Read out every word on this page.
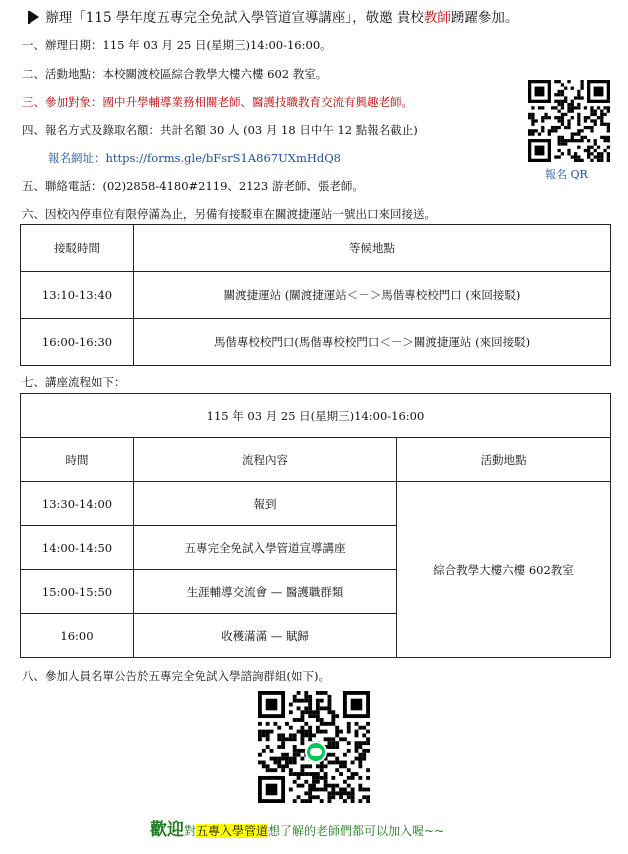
辦理「115 學年度五專完全免試入學管道宣導講座」，敬邀 貴校教師踴躍參加。
一、辦理日期：115 年 03 月 25 日(星期三)14:00-16:00。
二、活動地點：本校關渡校區綜合教學大樓六樓 602 教室。
三、參加對象：國中升學輔導業務相關老師、醫護技職教育交流有興趣老師。
四、報名方式及錄取名額：共計名額 30 人 (03 月 18 日中午 12 點報名截止)
報名網址：https://forms.gle/bFsrS1A867UXmHdQ8
五、聯絡電話：(02)2858-4180#2119、2123 游老師、張老師。
六、因校內停車位有限停滿為止，另備有接駁車在關渡捷運站一號出口來回接送。
報名 QR
接駁時間	等候地點
13:10-13:40	關渡捷運站 (關渡捷運站＜－＞馬偕專校校門口 (來回接駁)
16:00-16:30	馬偕專校校門口(馬偕專校校門口＜－＞關渡捷運站 (來回接駁)
七、講座流程如下：
115 年 03 月 25 日(星期三)14:00-16:00		
時間	流程內容	活動地點
13:30-14:00	報到	綜合教學大樓六樓 602教室
14:00-14:50	五專完全免試入學管道宣導講座	
15:00-15:50	生涯輔導交流會 — 醫護職群類	
16:00	收穫滿滿 — 賦歸	
八、參加人員名單公告於五專完全免試入學諮詢群組(如下)。
歡迎對五專入學管道想了解的老師們都可以加入喔~~
